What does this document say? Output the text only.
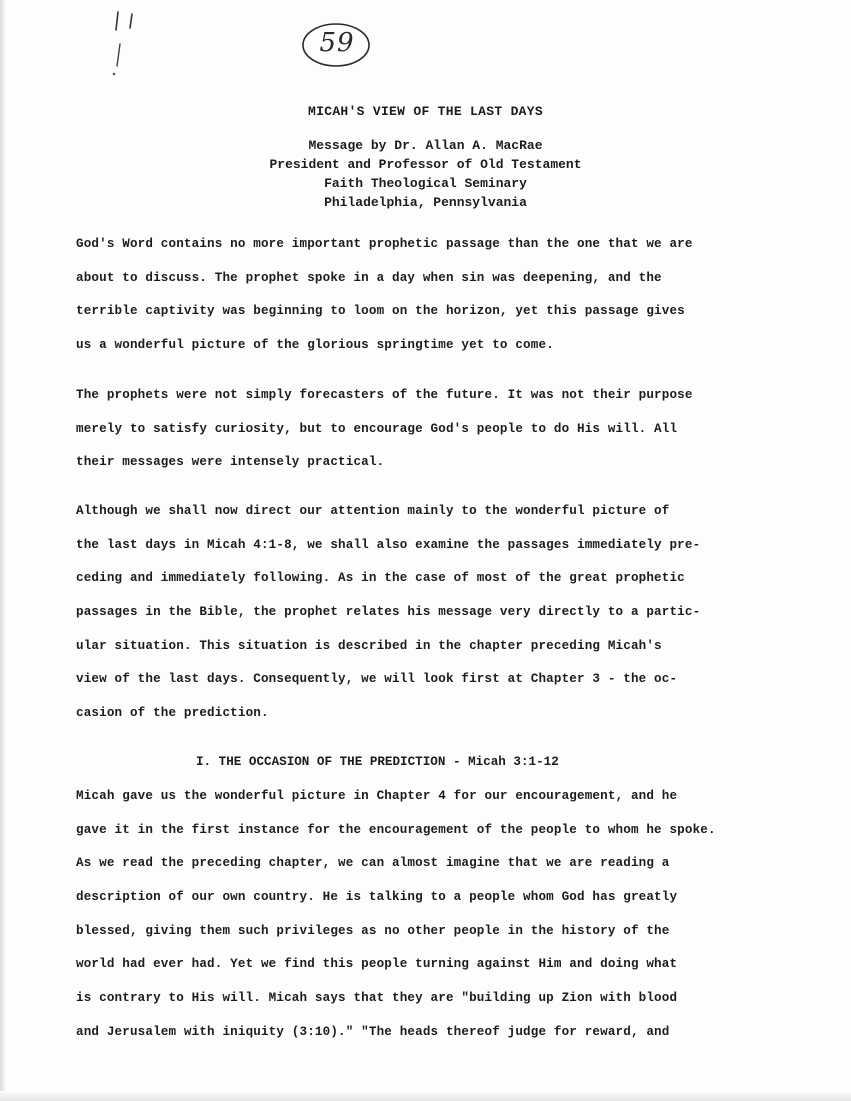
59
MICAH'S VIEW OF THE LAST DAYS
Message by Dr. Allan A. MacRae
President and Professor of Old Testament
Faith Theological Seminary
Philadelphia, Pennsylvania
God's Word contains no more important prophetic passage than the one that we are
about to discuss. The prophet spoke in a day when sin was deepening, and the
terrible captivity was beginning to loom on the horizon, yet this passage gives
us a wonderful picture of the glorious springtime yet to come.
The prophets were not simply forecasters of the future. It was not their purpose
merely to satisfy curiosity, but to encourage God's people to do His will. All
their messages were intensely practical.
Although we shall now direct our attention mainly to the wonderful picture of
the last days in Micah 4:1-8, we shall also examine the passages immediately pre-
ceding and immediately following. As in the case of most of the great prophetic
passages in the Bible, the prophet relates his message very directly to a partic-
ular situation. This situation is described in the chapter preceding Micah's
view of the last days. Consequently, we will look first at Chapter 3 - the oc-
casion of the prediction.
I. THE OCCASION OF THE PREDICTION - Micah 3:1-12
Micah gave us the wonderful picture in Chapter 4 for our encouragement, and he
gave it in the first instance for the encouragement of the people to whom he spoke.
As we read the preceding chapter, we can almost imagine that we are reading a
description of our own country. He is talking to a people whom God has greatly
blessed, giving them such privileges as no other people in the history of the
world had ever had. Yet we find this people turning against Him and doing what
is contrary to His will. Micah says that they are "building up Zion with blood
and Jerusalem with iniquity (3:10)." "The heads thereof judge for reward, and
